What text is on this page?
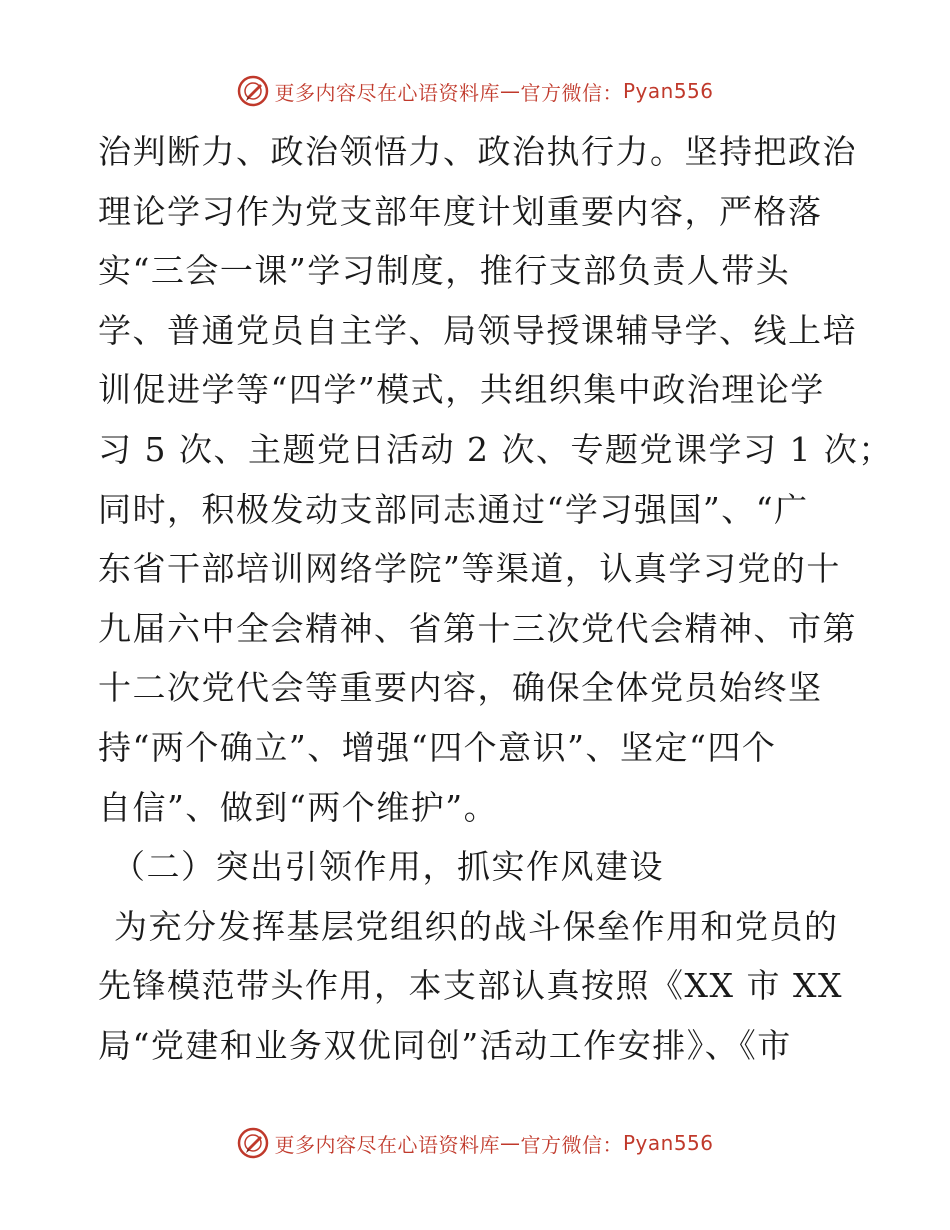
更多内容尽在心语资料库 — 官方微信： Pyan556
治判断力、政治领悟力、政治执行力。坚持把政治
理论学习作为党支部年度计划重要内容，严格落
实“三会一课”学习制度，推行支部负责人带头
学、普通党员自主学、局领导授课辅导学、线上培
训促进学等“四学”模式，共组织集中政治理论学
习 5 次、主题党日活动 2 次、专题党课学习 1 次；
同时，积极发动支部同志通过“学习强国”、“广
东省干部培训网络学院”等渠道，认真学习党的十
九届六中全会精神、省第十三次党代会精神、市第
十二次党代会等重要内容，确保全体党员始终坚
持“两个确立”、增强“四个意识”、坚定“四个
自信”、做到“两个维护”。
（二）突出引领作用，抓实作风建设
为充分发挥基层党组织的战斗保垒作用和党员的
先锋模范带头作用，本支部认真按照《XX 市 XX
局“党建和业务双优同创”活动工作安排》、《市
更多内容尽在心语资料库 — 官方微信： Pyan556
